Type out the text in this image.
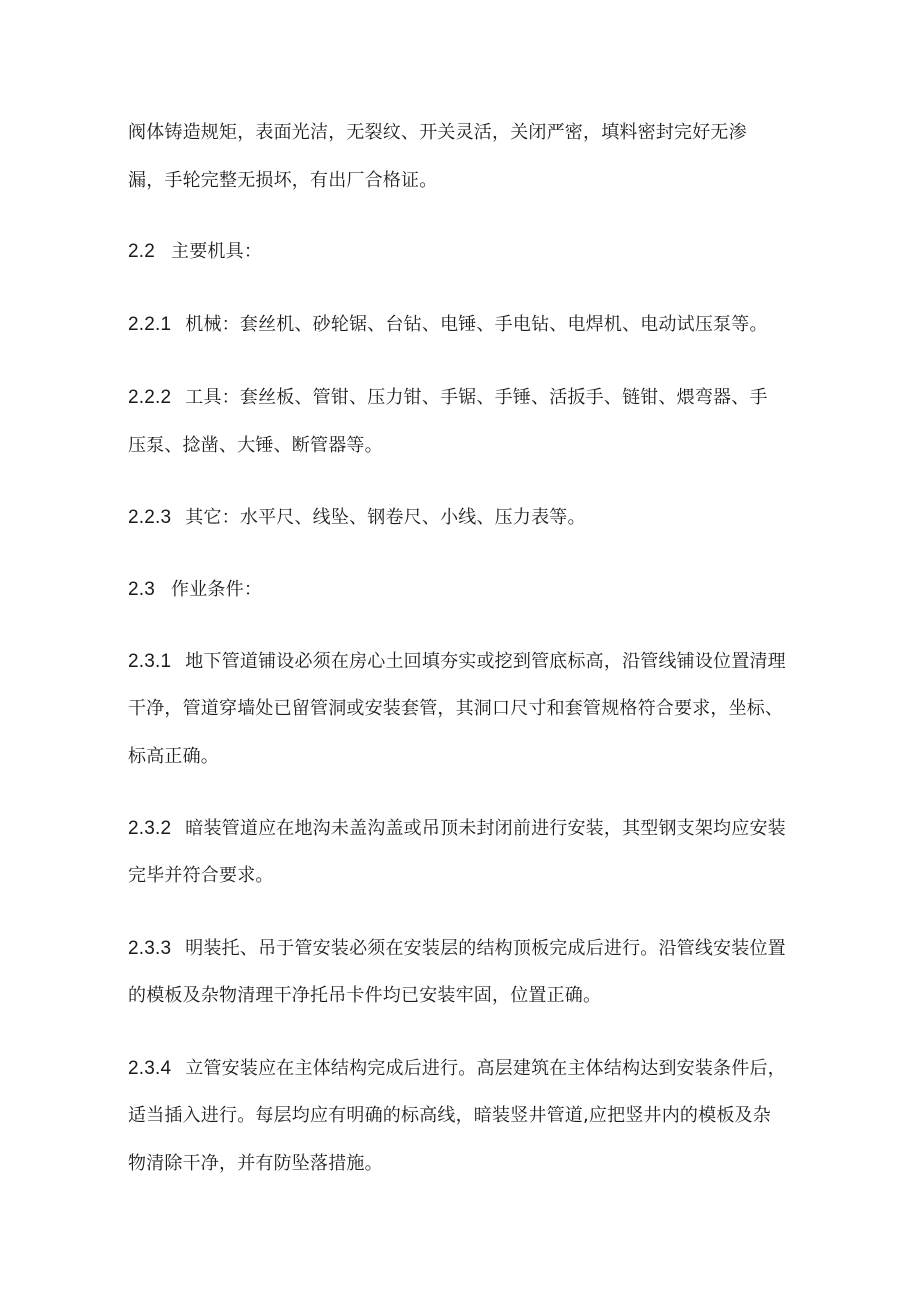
阀体铸造规矩，表面光洁，无裂纹、开关灵活，关闭严密，填料密封完好无渗
漏，手轮完整无损坏，有出厂合格证。
2.2 主要机具：
2.2.1 机械：套丝机、砂轮锯、台钻、电锤、手电钻、电焊机、电动试压泵等。
2.2.2 工具：套丝板、管钳、压力钳、手锯、手锤、活扳手、链钳、煨弯器、手
压泵、捻凿、大锤、断管器等。
2.2.3 其它：水平尺、线坠、钢卷尺、小线、压力表等。
2.3 作业条件：
2.3.1 地下管道铺设必须在房心土回填夯实或挖到管底标高，沿管线铺设位置清理
干净，管道穿墙处已留管洞或安装套管，其洞口尺寸和套管规格符合要求，坐标、
标高正确。
2.3.2 暗装管道应在地沟未盖沟盖或吊顶未封闭前进行安装，其型钢支架均应安装
完毕并符合要求。
2.3.3 明装托、吊于管安装必须在安装层的结构顶板完成后进行。沿管线安装位置
的模板及杂物清理干净托吊卡件均已安装牢固，位置正确。
2.3.4 立管安装应在主体结构完成后进行。高层建筑在主体结构达到安装条件后，
适当插入进行。每层均应有明确的标高线，暗装竖井管道,应把竖井内的模板及杂
物清除干净，并有防坠落措施。
